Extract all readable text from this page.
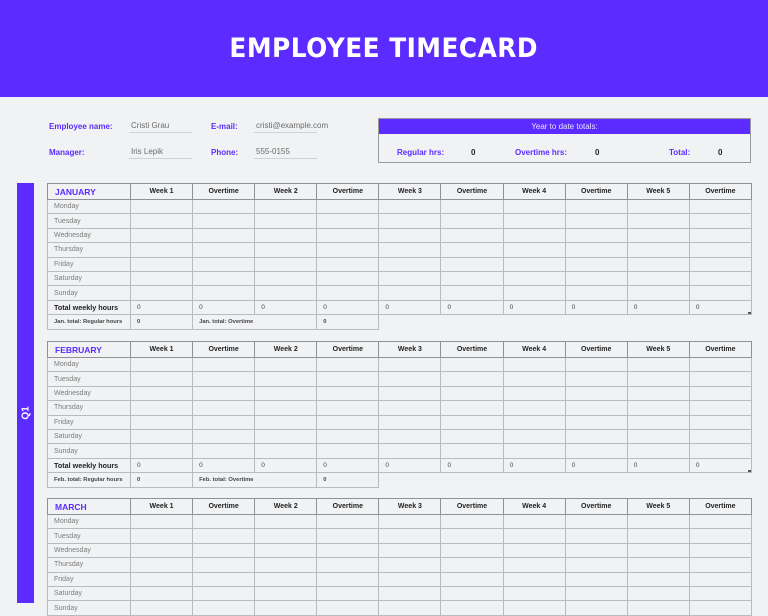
EMPLOYEE TIMECARD
Employee name: Cristi Grau	E-mail: cristi@example.com
Manager:	Iris Lepik	Phone: 555-0155
Year to date totals:
Regular hrs:	0	Overtime hrs:	0	Total:	0
Q1
JANUARY	Week 1	Overtime	Week 2	Overtime	Week 3	Overtime	Week 4	Overtime	Week 5	Overtime
Monday										
Tuesday										
Wednesday										
Thursday										
Friday										
Saturday										
Sunday										
Total weekly hours	0	0	0	0	0	0	0	0	0	0
Jan. total: Regular hours	0	Jan. total: Overtime		0						
FEBRUARY	Week 1	Overtime	Week 2	Overtime	Week 3	Overtime	Week 4	Overtime	Week 5	Overtime
Monday										
Tuesday										
Wednesday										
Thursday										
Friday										
Saturday										
Sunday										
Total weekly hours	0	0	0	0	0	0	0	0	0	0
Feb. total: Regular hours	0	Feb. total: Overtime		0						
MARCH	Week 1	Overtime	Week 2	Overtime	Week 3	Overtime	Week 4	Overtime	Week 5	Overtime
Monday										
Tuesday										
Wednesday										
Thursday										
Friday										
Saturday										
Sunday										
